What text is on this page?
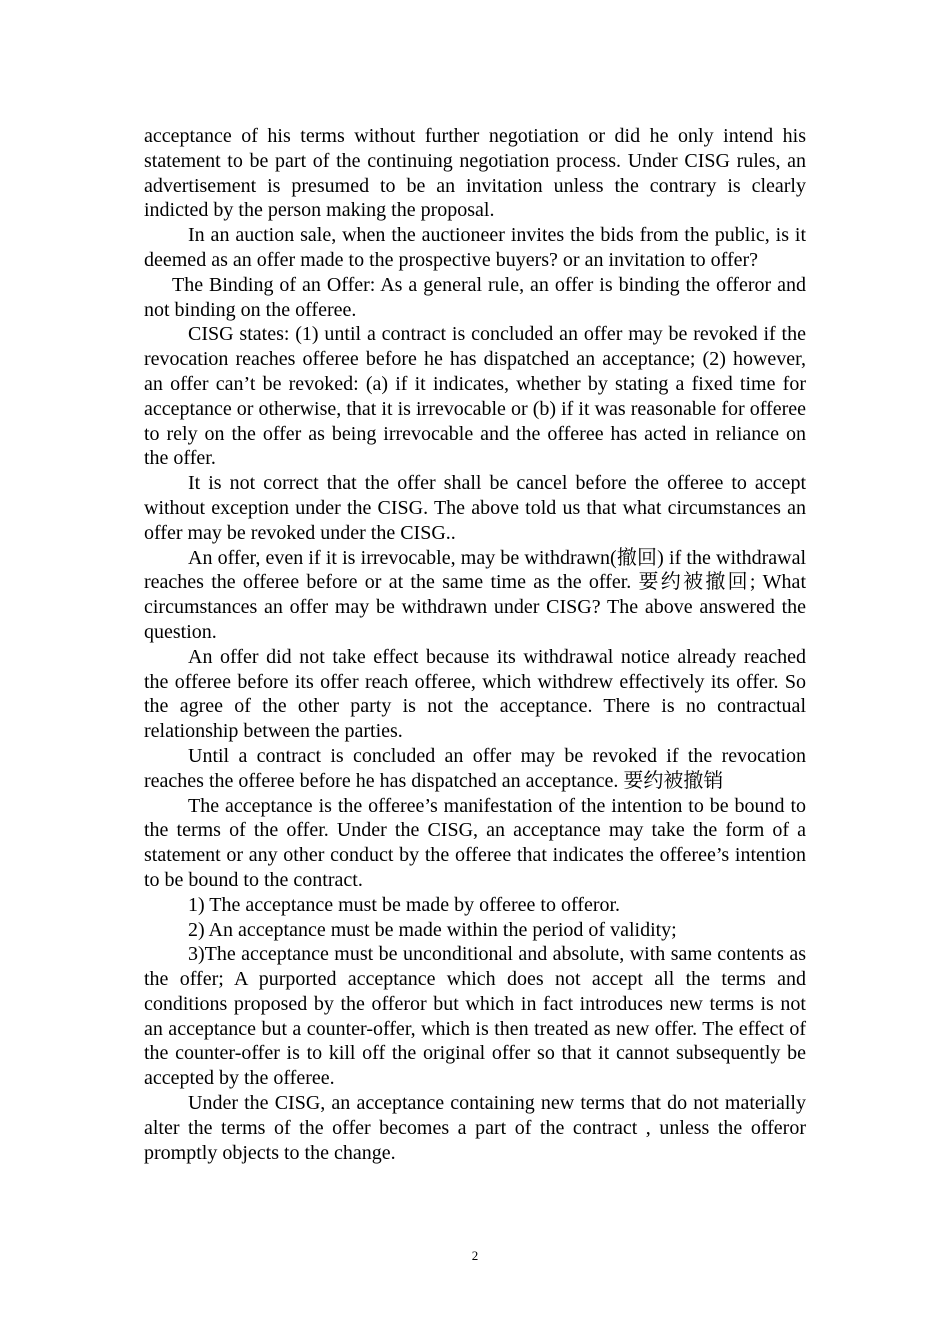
acceptance of his terms without further negotiation or did he only intend his statement to be part of the continuing negotiation process. Under CISG rules, an advertisement is presumed to be an invitation unless the contrary is clearly indicted by the person making the proposal.

In an auction sale, when the auctioneer invites the bids from the public, is it deemed as an offer made to the prospective buyers? or an invitation to offer?

The Binding of an Offer: As a general rule, an offer is binding the offeror and not binding on the offeree.

CISG states: (1) until a contract is concluded an offer may be revoked if the revocation reaches offeree before he has dispatched an acceptance; (2) however, an offer can’t be revoked: (a) if it indicates, whether by stating a fixed time for acceptance or otherwise, that it is irrevocable or (b) if it was reasonable for offeree to rely on the offer as being irrevocable and the offeree has acted in reliance on the offer.

It is not correct that the offer shall be cancel before the offeree to accept without exception under the CISG. The above told us that what circumstances an offer may be revoked under the CISG..

An offer, even if it is irrevocable, may be withdrawn(撤回) if the withdrawal reaches the offeree before or at the same time as the offer. 要约被撤回; What circumstances an offer may be withdrawn under CISG? The above answered the question.

An offer did not take effect because its withdrawal notice already reached the offeree before its offer reach offeree, which withdrew effectively its offer. So the agree of the other party is not the acceptance. There is no contractual relationship between the parties.

Until a contract is concluded an offer may be revoked if the revocation reaches the offeree before he has dispatched an acceptance. 要约被撤销

The acceptance is the offeree’s manifestation of the intention to be bound to the terms of the offer. Under the CISG, an acceptance may take the form of a statement or any other conduct by the offeree that indicates the offeree’s intention to be bound to the contract.

1) The acceptance must be made by offeree to offeror.

2) An acceptance must be made within the period of validity;

3)The acceptance must be unconditional and absolute, with same contents as the offer; A purported acceptance which does not accept all the terms and conditions proposed by the offeror but which in fact introduces new terms is not an acceptance but a counter-offer, which is then treated as new offer. The effect of the counter-offer is to kill off the original offer so that it cannot subsequently be accepted by the offeree.

Under the CISG, an acceptance containing new terms that do not materially alter the terms of the offer becomes a part of the contract , unless the offeror promptly objects to the change.

2
